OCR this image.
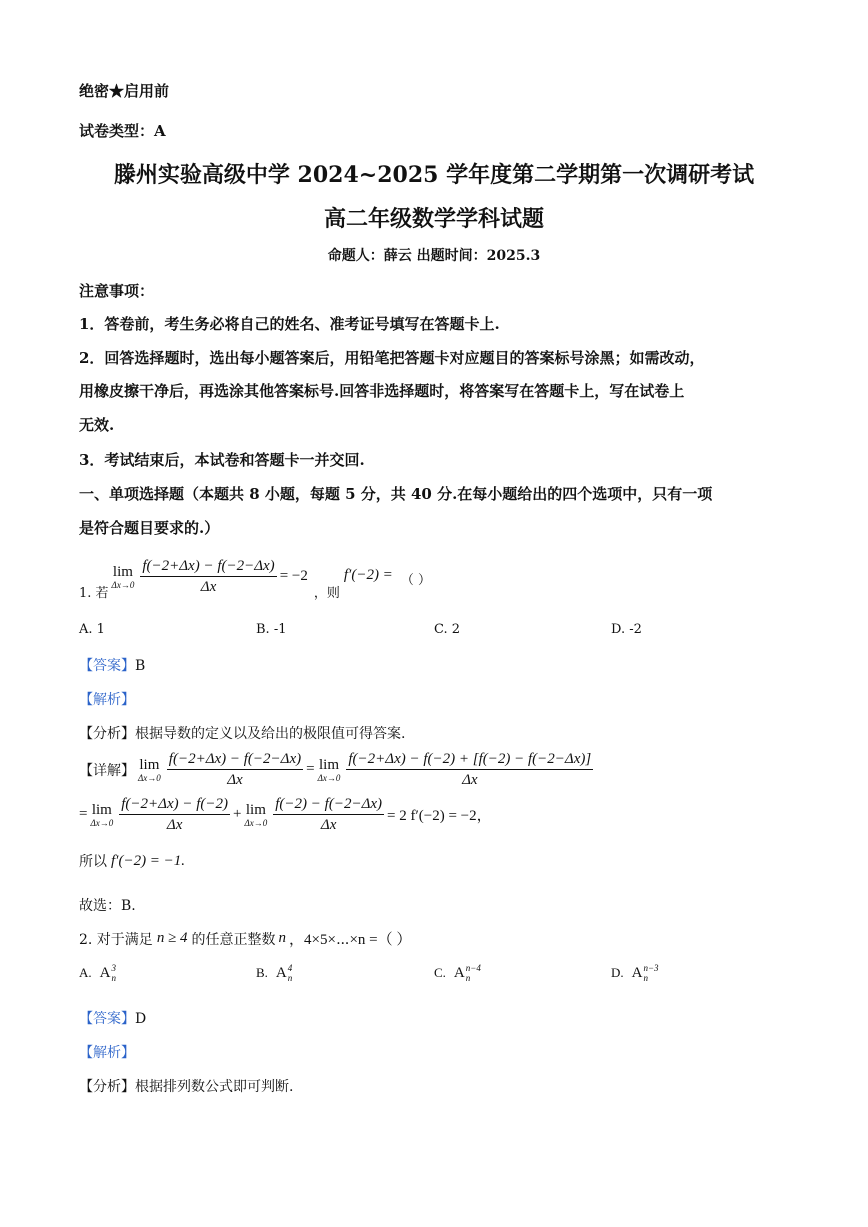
绝密★启用前
试卷类型：A
滕州实验高级中学 2024~2025 学年度第二学期第一次调研考试
高二年级数学学科试题
命题人：薛云 出题时间：2025.3
注意事项：
1．答卷前，考生务必将自己的姓名、准考证号填写在答题卡上.
2．回答选择题时，选出每小题答案后，用铅笔把答题卡对应题目的答案标号涂黑；如需改动，
用橡皮擦干净后，再选涂其他答案标号.回答非选择题时，将答案写在答题卡上，写在试卷上
无效.
3．考试结束后，本试卷和答题卡一并交回.
一、单项选择题（本题共 8 小题，每题 5 分，共 40 分.在每小题给出的四个选项中，只有一项
是符合题目要求的.）
1. 若
lim
$\Delta x\to 0 \frac{f(-2+\Delta x) - f(-2-\Delta x)}{\Delta x} = -2$
，则
f′(−2) = （ ）
A. 1	B. -1	C. 2	D. -2
【答案】B
【解析】
【分析】根据导数的定义以及给出的极限值可得答案.
【详解】 lim
$\Delta x\to 0 \frac{f(-2+\Delta x) - f(-2-\Delta x)}{\Delta x} = \lim$
$\Delta x\to 0 \frac{f(-2+\Delta x) - f(-2) + [f(-2) - f(-2-\Delta x)]}{\Delta x}$
= lim
$\Delta x\to 0 \frac{f(-2+\Delta x) - f(-2)}{\Delta x} + \lim$
$\Delta x\to 0 \frac{f(-2) - f(-2-\Delta x)}{\Delta x} = 2$ f′(−2) = −2，
所以 f′(−2) = −1.
故选：B.
2. 对于满足 n ≥ 4 的任意正整数 n ，4×5×⋯×n =（ ）
A. A 3
n	B. A 4
n	C. A n−4
n	D. A n−3
n
【答案】D
【解析】
【分析】根据排列数公式即可判断.
